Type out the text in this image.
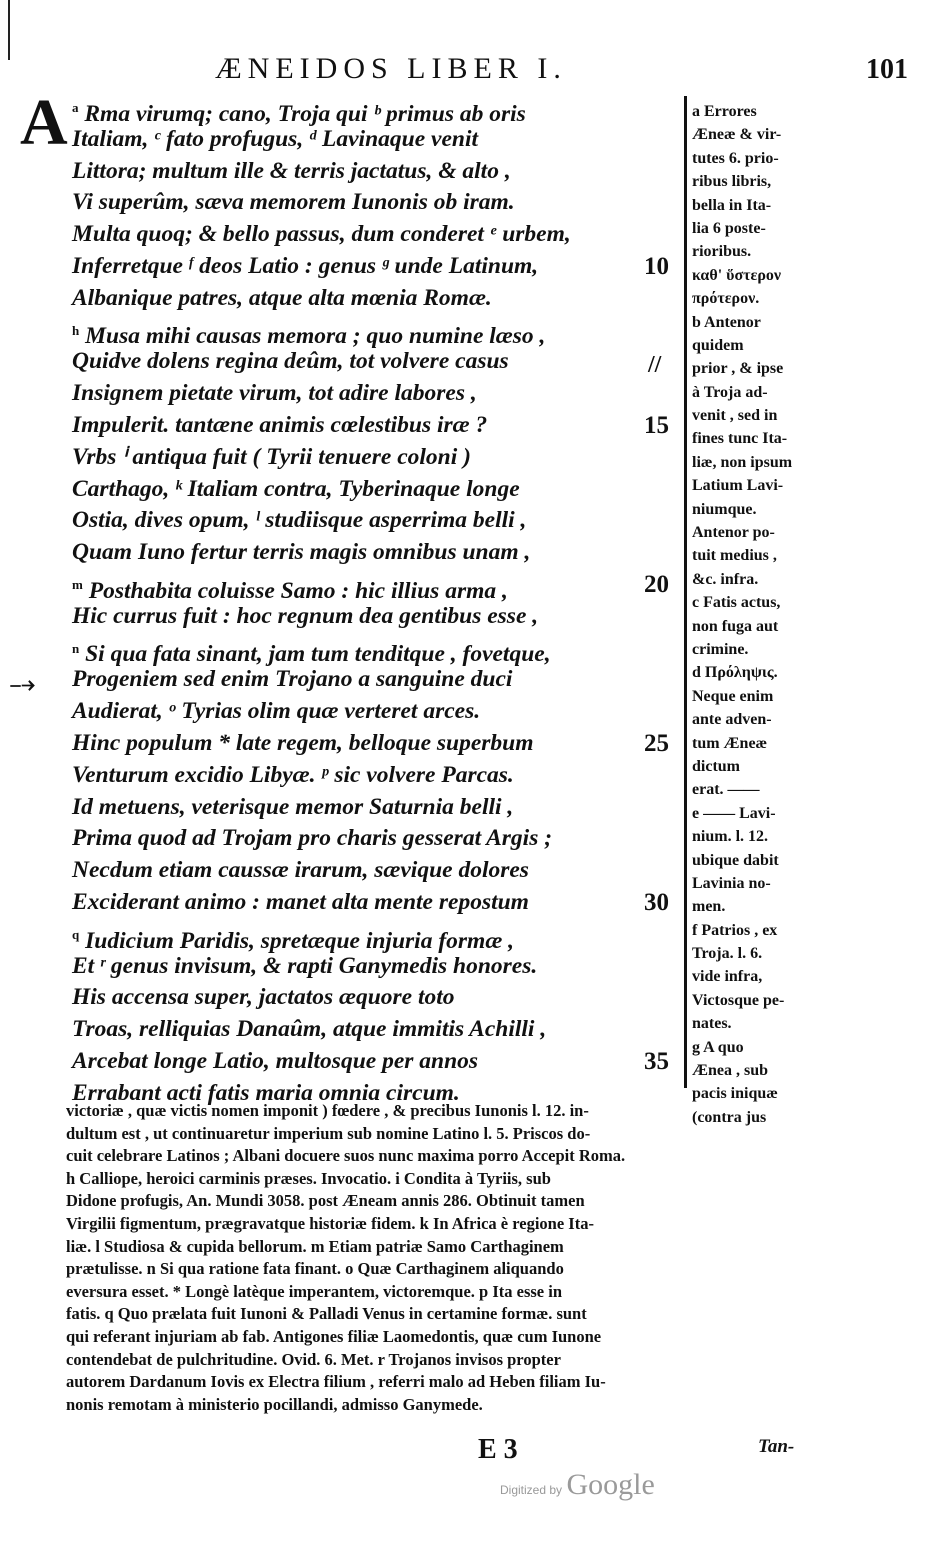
ÆNEIDOS LIBER I.	101
A $^a$ Rma virumq; cano, Troja qui ᵇ primus ab oris
Italiam, ᶜ fato profugus, ᵈ Lavinaque venit
Littora; multum ille & terris jactatus, & alto ,
Vi superûm, sæva memorem Iunonis ob iram.
Multa quoq; & bello passus, dum conderet ᵉ urbem,
Inferretque ᶠ deos Latio : genus ᵍ unde Latinum,	10
Albanique patres, atque alta mœnia Romæ.
$^h$ Musa mihi causas memora ; quo numine læso ,
Quidve dolens regina deûm, tot volvere casus
Insignem pietate virum, tot adire labores ,
Impulerit. tantæne animis cœlestibus iræ ?	15
Vrbs ⁱ antiqua fuit ( Tyrii tenuere coloni )
Carthago, ᵏ Italiam contra, Tyberinaque longe
Ostia, dives opum, ˡ studiisque asperrima belli ,
Quam Iuno fertur terris magis omnibus unam ,
$^m$ Posthabita coluisse Samo : hic illius arma ,	20
Hic currus fuit : hoc regnum dea gentibus esse ,
$^n$ Si qua fata sinant, jam tum tenditque , fovetque,
Progeniem sed enim Trojano a sanguine duci
Audierat, ᵒ Tyrias olim quæ verteret arces.
Hinc populum * late regem, belloque superbum	25
Venturum excidio Libyæ. ᵖ sic volvere Parcas.
Id metuens, veterisque memor Saturnia belli ,
Prima quod ad Trojam pro charis gesserat Argis ;
Necdum etiam caussæ irarum, sævique dolores
Exciderant animo : manet alta mente repostum	30
$^q$ Iudicium Paridis, spretæque injuria formæ ,
Et ʳ genus invisum, & rapti Ganymedis honores.
His accensa super, jactatos æquore toto
Troas, relliquias Danaûm, atque immitis Achilli ,
Arcebat longe Latio, multosque per annos	35
Errabant acti fatis maria omnia circum.
a Errores
Æneæ & vir-
tutes 6. prio-
ribus libris,
bella in Ita-
lia 6 poste-
rioribus.
καθ' ὕστερον
πρότερον.
b Antenor
quidem
prior , & ipse
à Troja ad-
venit , sed in
fines tunc Ita-
liæ, non ipsum
Latium Lavi-
niumque.
Antenor po-
tuit medius ,
&c. infra.
c Fatis actus,
non fuga aut
crimine.
d Πρόληψις.
Neque enim
ante adven-
tum Æneæ
dictum
erat. ——
e —— Lavi-
nium. l. 12.
ubique dabit
Lavinia no-
men.
f Patrios , ex
Troja. l. 6.
vide infra,
Victosque pe-
nates.
g A quo
Ænea , sub
pacis iniquæ
(contra jus
victoriæ , quæ victis nomen imponit ) fœdere , & precibus Iunonis l. 12. in-
dultum est , ut continuaretur imperium sub nomine Latino l. 5. Priscos do-
cuit celebrare Latinos ; Albani docuere suos nunc maxima porro Accepit Roma.
h Calliope, heroici carminis præses. Invocatio. i Condita à Tyriis, sub
Didone profugis, An. Mundi 3058. post Æneam annis 286. Obtinuit tamen
Virgilii figmentum, prægravatque historiæ fidem. k In Africa è regione Ita-
liæ. l Studiosa & cupida bellorum. m Etiam patriæ Samo Carthaginem
prætulisse. n Si qua ratione fata finant. o Quæ Carthaginem aliquando
eversura esset. * Longè latèque imperantem, victoremque. p Ita esse in
fatis. q Quo prælata fuit Iunoni & Palladi Venus in certamine formæ. sunt
qui referant injuriam ab fab. Antigones filiæ Laomedontis, quæ cum Iunone
contendebat de pulchritudine. Ovid. 6. Met. r Trojanos invisos propter
autorem Dardanum Iovis ex Electra filium , referri malo ad Heben filiam Iu-
nonis remotam à ministerio pocillandi, admisso Ganymede.
E 3	Tan-
Digitized by Google
//
⤍
